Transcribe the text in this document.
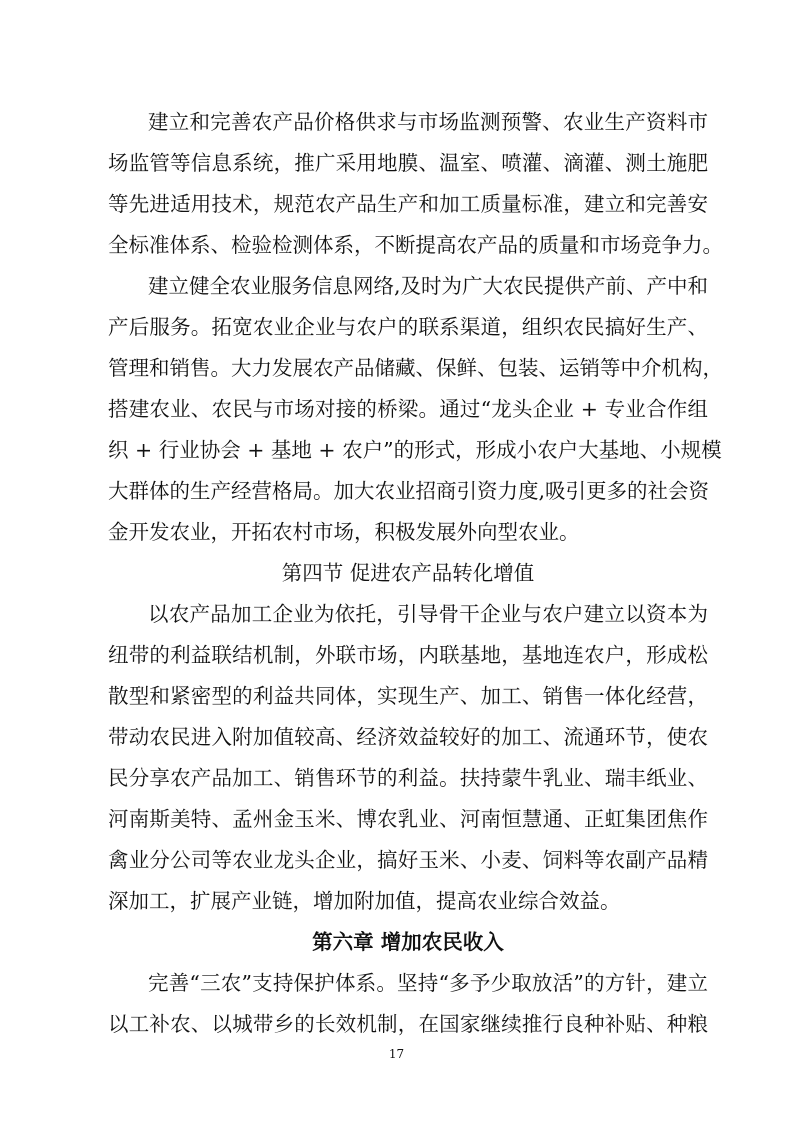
建立和完善农产品价格供求与市场监测预警、农业生产资料市
场监管等信息系统，推广采用地膜、温室、喷灌、滴灌、测土施肥
等先进适用技术，规范农产品生产和加工质量标准，建立和完善安
全标准体系、检验检测体系，不断提高农产品的质量和市场竞争力。
建立健全农业服务信息网络,及时为广大农民提供产前、产中和
产后服务。拓宽农业企业与农户的联系渠道，组织农民搞好生产、
管理和销售。大力发展农产品储藏、保鲜、包装、运销等中介机构，
搭建农业、农民与市场对接的桥梁。通过“龙头企业 + 专业合作组
织 + 行业协会 + 基地 + 农户”的形式，形成小农户大基地、小规模
大群体的生产经营格局。加大农业招商引资力度,吸引更多的社会资
金开发农业，开拓农村市场，积极发展外向型农业。
第四节 促进农产品转化增值
以农产品加工企业为依托，引导骨干企业与农户建立以资本为
纽带的利益联结机制，外联市场，内联基地，基地连农户，形成松
散型和紧密型的利益共同体，实现生产、加工、销售一体化经营，
带动农民进入附加值较高、经济效益较好的加工、流通环节，使农
民分享农产品加工、销售环节的利益。扶持蒙牛乳业、瑞丰纸业、
河南斯美特、孟州金玉米、博农乳业、河南恒慧通、正虹集团焦作
禽业分公司等农业龙头企业，搞好玉米、小麦、饲料等农副产品精
深加工，扩展产业链，增加附加值，提高农业综合效益。
第六章 增加农民收入
完善“三农”支持保护体系。坚持“多予少取放活”的方针，建立
以工补农、以城带乡的长效机制，在国家继续推行良种补贴、种粮
17
